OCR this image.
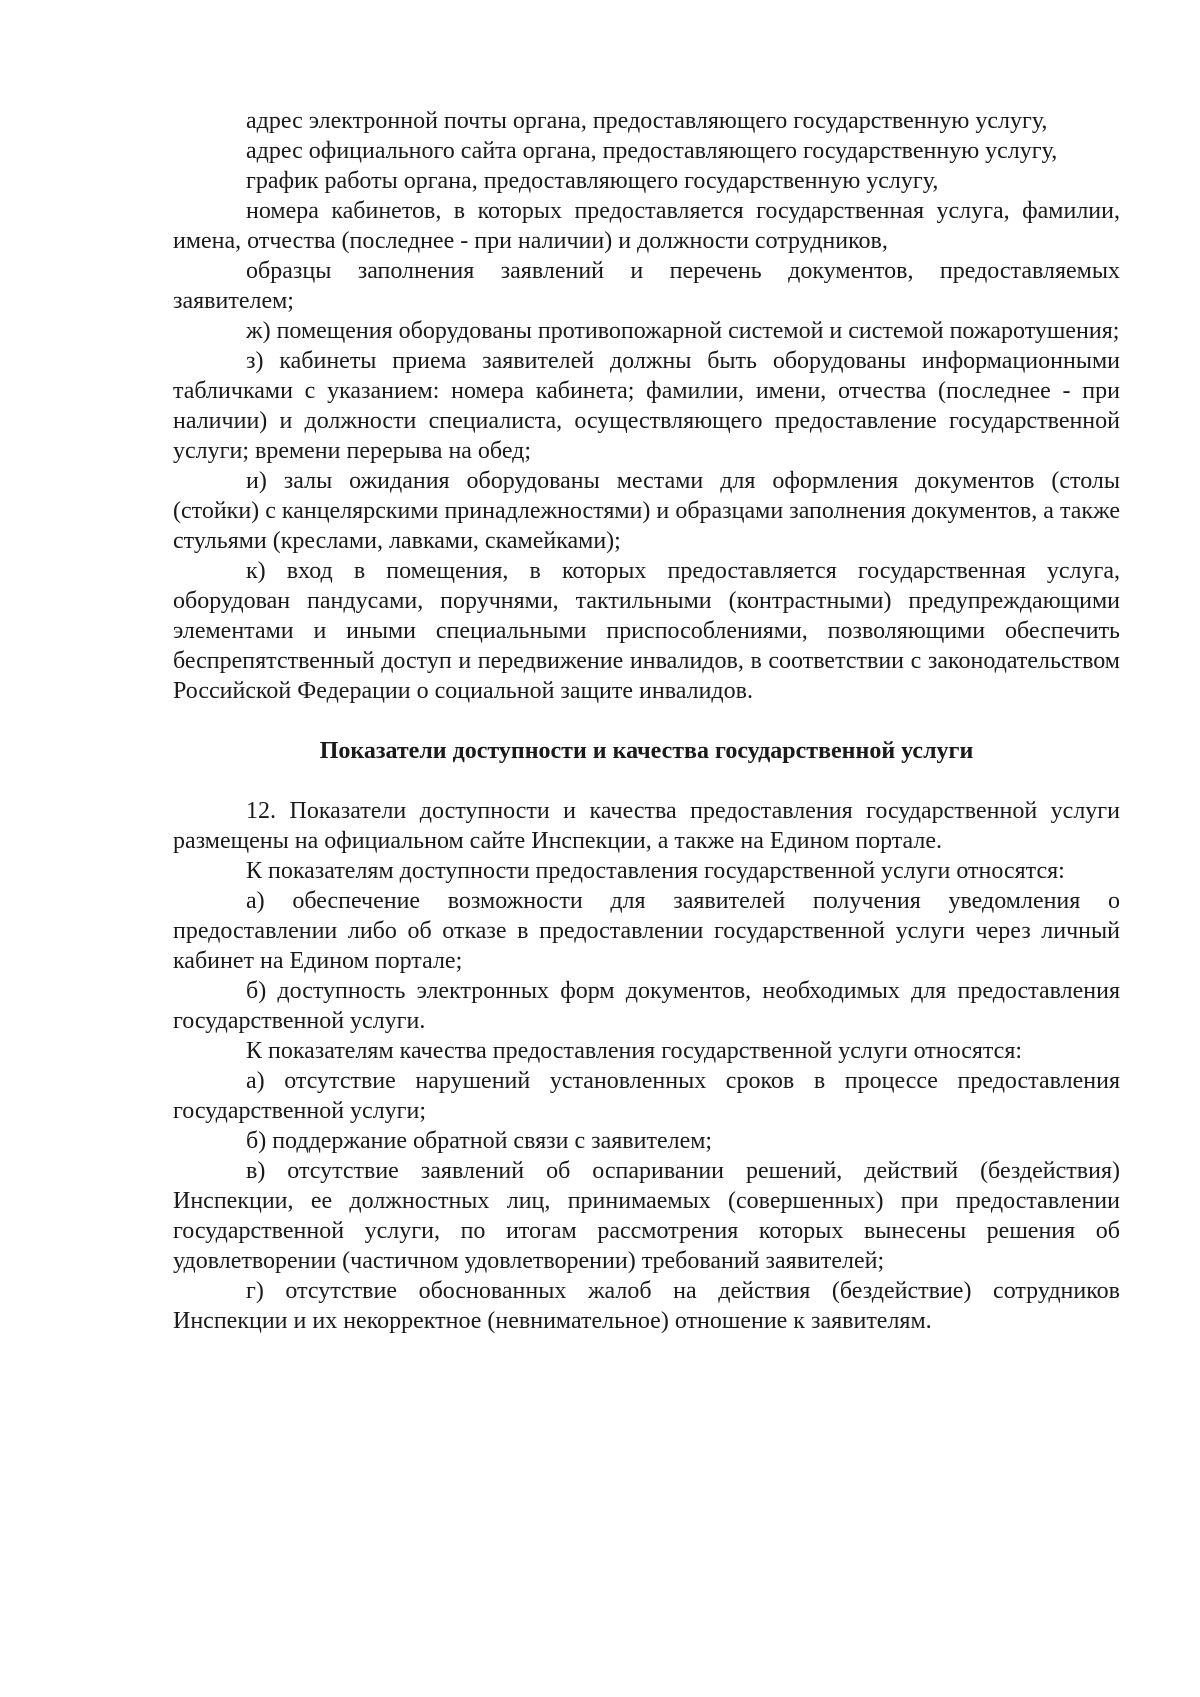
адрес электронной почты органа, предоставляющего государственную услугу,

адрес официального сайта органа, предоставляющего государственную услугу,

график работы органа, предоставляющего государственную услугу,

номера кабинетов, в которых предоставляется государственная услуга, фамилии, имена, отчества (последнее - при наличии) и должности сотрудников,

образцы заполнения заявлений и перечень документов, предоставляемых заявителем;

ж) помещения оборудованы противопожарной системой и системой пожаротушения;

з) кабинеты приема заявителей должны быть оборудованы информационными табличками с указанием: номера кабинета; фамилии, имени, отчества (последнее - при наличии) и должности специалиста, осуществляющего предоставление государственной услуги; времени перерыва на обед;

и) залы ожидания оборудованы местами для оформления документов (столы (стойки) с канцелярскими принадлежностями) и образцами заполнения документов, а также стульями (креслами, лавками, скамейками);

к) вход в помещения, в которых предоставляется государственная услуга, оборудован пандусами, поручнями, тактильными (контрастными) предупреждающими элементами и иными специальными приспособлениями, позволяющими обеспечить беспрепятственный доступ и передвижение инвалидов, в соответствии с законодательством Российской Федерации о социальной защите инвалидов.

Показатели доступности и качества государственной услуги

12. Показатели доступности и качества предоставления государственной услуги размещены на официальном сайте Инспекции, а также на Едином портале.

К показателям доступности предоставления государственной услуги относятся:

а) обеспечение возможности для заявителей получения уведомления о предоставлении либо об отказе в предоставлении государственной услуги через личный кабинет на Едином портале;

б) доступность электронных форм документов, необходимых для предоставления государственной услуги.

К показателям качества предоставления государственной услуги относятся:

а) отсутствие нарушений установленных сроков в процессе предоставления государственной услуги;

б) поддержание обратной связи с заявителем;

в) отсутствие заявлений об оспаривании решений, действий (бездействия) Инспекции, ее должностных лиц, принимаемых (совершенных) при предоставлении государственной услуги, по итогам рассмотрения которых вынесены решения об удовлетворении (частичном удовлетворении) требований заявителей;

г) отсутствие обоснованных жалоб на действия (бездействие) сотрудников Инспекции и их некорректное (невнимательное) отношение к заявителям.
